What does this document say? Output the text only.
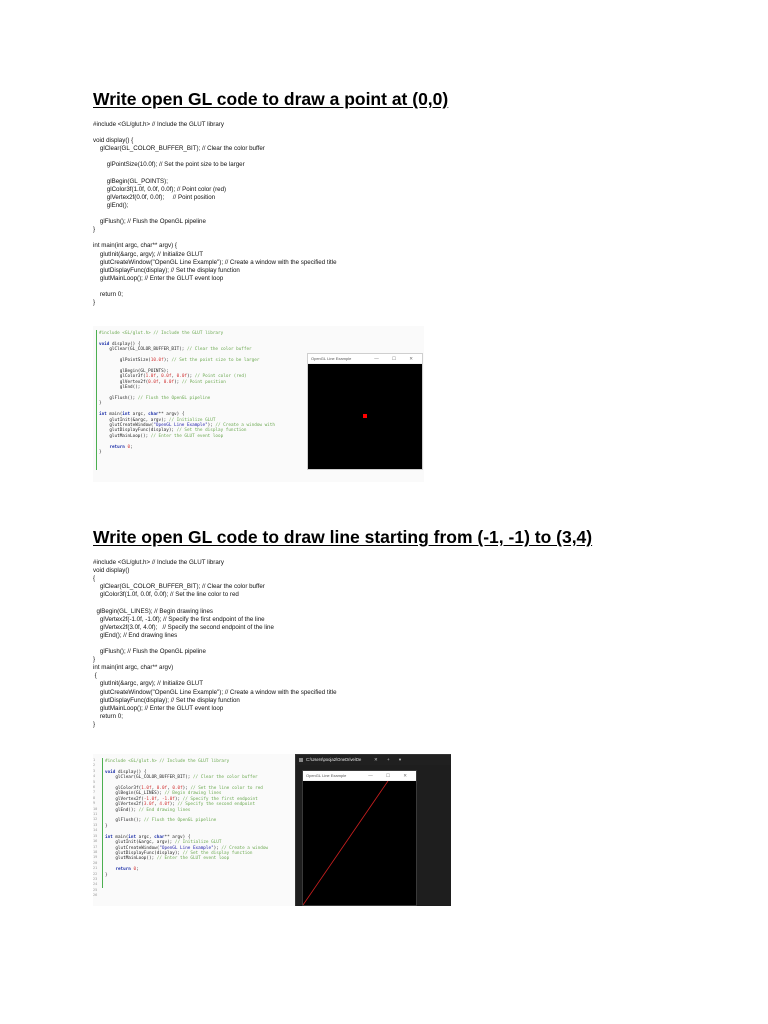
Write open GL code to draw a point at (0,0)
#include <GL/glut.h> // Include the GLUT library

void display() {
glClear(GL_COLOR_BUFFER_BIT); // Clear the color buffer

glPointSize(10.0f); // Set the point size to be larger

glBegin(GL_POINTS);
glColor3f(1.0f, 0.0f, 0.0f); // Point color (red)
glVertex2f(0.0f, 0.0f);     // Point position
glEnd();

glFlush(); // Flush the OpenGL pipeline
}

int main(int argc, char** argv) {
glutInit(&argc, argv); // Initialize GLUT
glutCreateWindow("OpenGL Line Example"); // Create a window with the specified title
glutDisplayFunc(display); // Set the display function
glutMainLoop(); // Enter the GLUT event loop

return 0;
}
#include <GL/glut.h> // Include the GLUT library

void display() {
glClear(GL_COLOR_BUFFER_BIT); // Clear the color buffer

glPointSize(10.0f); // Set the point size to be larger

glBegin(GL_POINTS);
glColor3f(1.0f, 0.0f, 0.0f); // Point color (red)
glVertex2f(0.0f, 0.0f); // Point position
glEnd();

glFlush(); // Flush the OpenGL pipeline
}

int main(int argc, char** argv) {
glutInit(&argc, argv); // Initialize GLUT
glutCreateWindow("OpenGL Line Example"); // Create a window with
glutDisplayFunc(display); // Set the display function
glutMainLoop(); // Enter the GLUT event loop

return 0;
}
OpenGL Line Example	— ☐ ✕
Write open GL code to draw line starting from (-1, -1) to (3,4)
#include <GL/glut.h> // Include the GLUT library
void display()
{
glClear(GL_COLOR_BUFFER_BIT); // Clear the color buffer
glColor3f(1.0f, 0.0f, 0.0f); // Set the line color to red

glBegin(GL_LINES); // Begin drawing lines
glVertex2f(-1.0f, -1.0f); // Specify the first endpoint of the line
glVertex2f(3.0f, 4.0f);   // Specify the second endpoint of the line
glEnd(); // End drawing lines

glFlush(); // Flush the OpenGL pipeline
}
int main(int argc, char** argv)
{
glutInit(&argc, argv); // Initialize GLUT
glutCreateWindow("OpenGL Line Example"); // Create a window with the specified title
glutDisplayFunc(display); // Set the display function
glutMainLoop(); // Enter the GLUT event loop
return 0;
}
1
2
3
4
5
6
7
8
9
10
11
12
13
14
15
16
17
18
19
20
21
22
23
24
25
26
#include <GL/glut.h> // Include the GLUT library

void display() {
glClear(GL_COLOR_BUFFER_BIT); // Clear the color buffer

glColor3f(1.0f, 0.0f, 0.0f); // Set the line color to red
glBegin(GL_LINES); // Begin drawing lines
glVertex2f(-1.0f, -1.0f); // Specify the first endpoint
glVertex2f(3.0f, 4.0f); // Specify the second endpoint
glEnd(); // End drawing lines

glFlush(); // Flush the OpenGL pipeline
}

int main(int argc, char** argv) {
glutInit(&argc, argv); // Initialize GLUT
glutCreateWindow("OpenGL Line Example"); // Create a window
glutDisplayFunc(display); // Set the display function
glutMainLoop(); // Enter the GLUT event loop

return 0;
}
C:\Users\pooja2\OneDrive\De	✕ + ▾
OpenGL Line Example	— ☐ ✕
